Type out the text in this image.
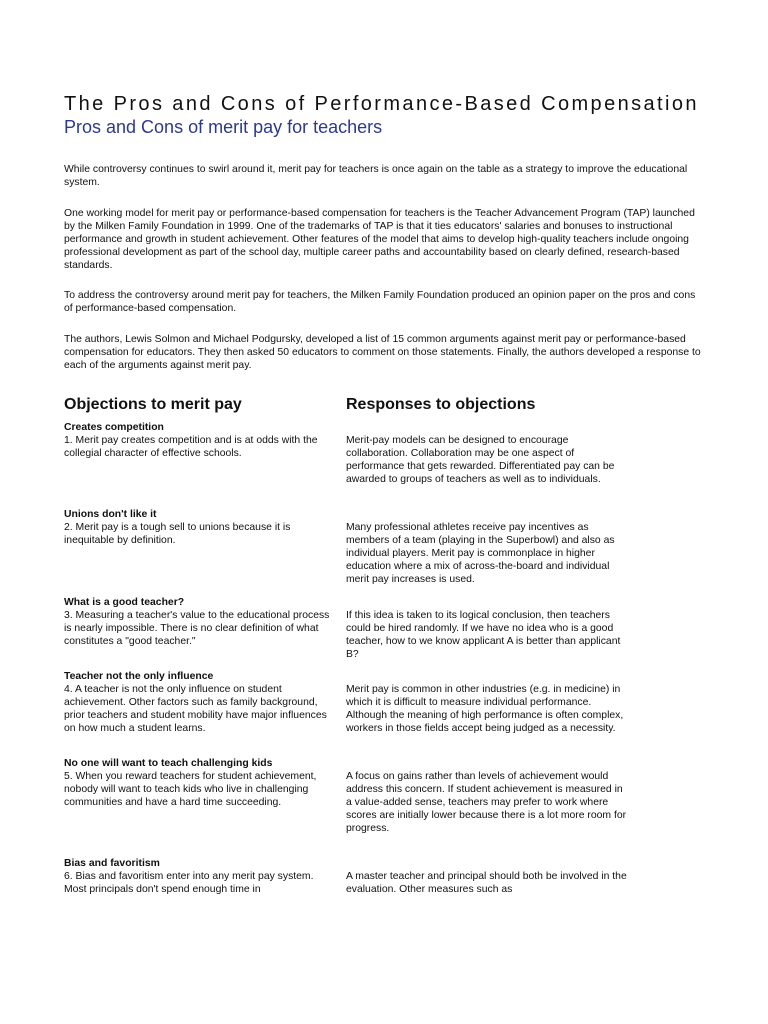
The Pros and Cons of Performance-Based Compensation
Pros and Cons of merit pay for teachers
While controversy continues to swirl around it, merit pay for teachers is once again on the table as a strategy to improve the educational system.
One working model for merit pay or performance-based compensation for teachers is the Teacher Advancement Program (TAP) launched by the Milken Family Foundation in 1999. One of the trademarks of TAP is that it ties educators' salaries and bonuses to instructional performance and growth in student achievement. Other features of the model that aims to develop high-quality teachers include ongoing professional development as part of the school day, multiple career paths and accountability based on clearly defined, research-based standards.
To address the controversy around merit pay for teachers, the Milken Family Foundation produced an opinion paper on the pros and cons of performance-based compensation.
The authors, Lewis Solmon and Michael Podgursky, developed a list of 15 common arguments against merit pay or performance-based compensation for educators. They then asked 50 educators to comment on those statements. Finally, the authors developed a response to each of the arguments against merit pay.
Objections to merit pay	Responses to objections
Creates competition
1. Merit pay creates competition and is at odds with the collegial character of effective schools.
Merit-pay models can be designed to encourage collaboration. Collaboration may be one aspect of performance that gets rewarded. Differentiated pay can be awarded to groups of teachers as well as to individuals.
Unions don't like it
2. Merit pay is a tough sell to unions because it is inequitable by definition.
Many professional athletes receive pay incentives as members of a team (playing in the Superbowl) and also as individual players. Merit pay is commonplace in higher education where a mix of across-the-board and individual merit pay increases is used.
What is a good teacher?
3. Measuring a teacher's value to the educational process is nearly impossible. There is no clear definition of what constitutes a "good teacher."
If this idea is taken to its logical conclusion, then teachers could be hired randomly. If we have no idea who is a good teacher, how to we know applicant A is better than applicant B?
Teacher not the only influence
4. A teacher is not the only influence on student achievement. Other factors such as family background, prior teachers and student mobility have major influences on how much a student learns.
Merit pay is common in other industries (e.g. in medicine) in which it is difficult to measure individual performance. Although the meaning of high performance is often complex, workers in those fields accept being judged as a necessity.
No one will want to teach challenging kids
5. When you reward teachers for student achievement, nobody will want to teach kids who live in challenging communities and have a hard time succeeding.
A focus on gains rather than levels of achievement would address this concern. If student achievement is measured in a value-added sense, teachers may prefer to work where scores are initially lower because there is a lot more room for progress.
Bias and favoritism
6. Bias and favoritism enter into any merit pay system. Most principals don't spend enough time in
A master teacher and principal should both be involved in the evaluation. Other measures such as
